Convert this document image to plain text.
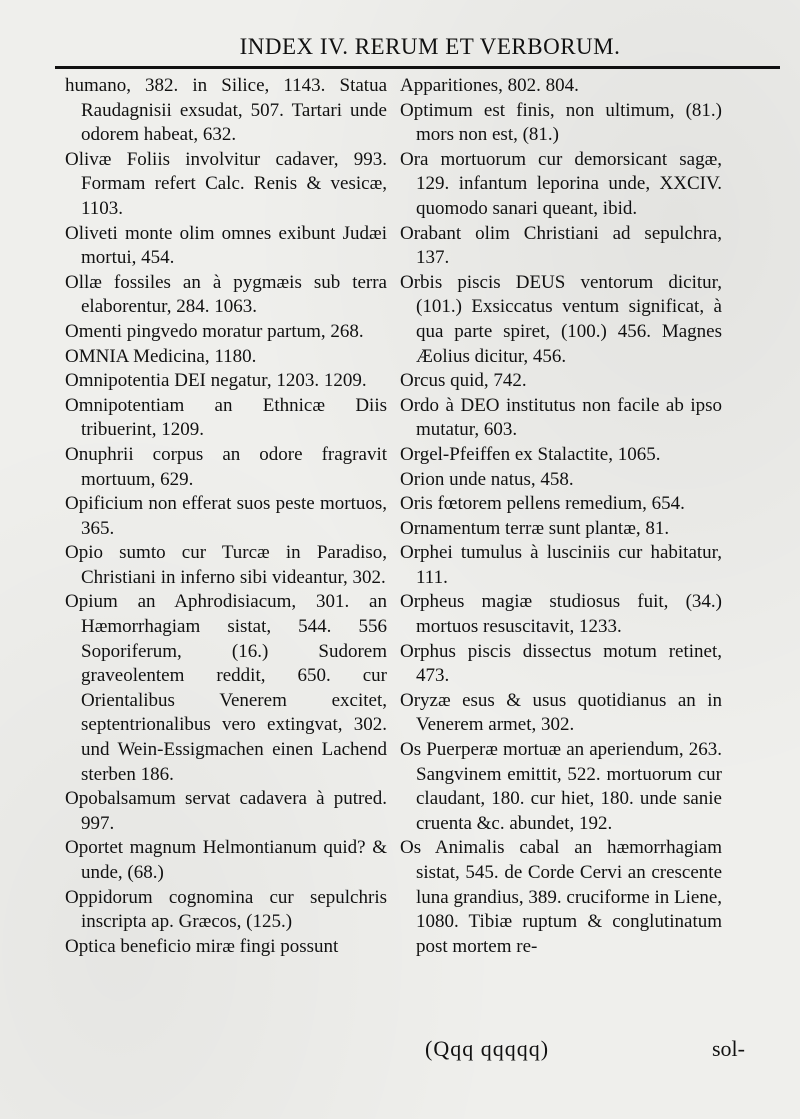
INDEX IV. RERUM ET VERBORUM.

humano, 382. in Silice, 1143. Statua Raudagnisii exsudat, 507. Tartari unde odorem habeat, 632.

Olivæ Foliis involvitur cadaver, 993. Formam refert Calc. Renis & vesicæ, 1103.

Oliveti monte olim omnes exibunt Judæi mortui, 454.

Ollæ fossiles an à pygmæis sub terra elaborentur, 284. 1063.

Omenti pingvedo moratur partum, 268.

OMNIA Medicina, 1180.

Omnipotentia DEI negatur, 1203. 1209.

Omnipotentiam an Ethnicæ Diis tribuerint, 1209.

Onuphrii corpus an odore fragravit mortuum, 629.

Opificium non efferat suos peste mortuos, 365.

Opio sumto cur Turcæ in Paradiso, Christiani in inferno sibi videantur, 302.

Opium an Aphrodisiacum, 301. an Hæmorrhagiam sistat, 544. 556 Soporiferum, (16.) Sudorem graveolentem reddit, 650. cur Orientalibus Venerem excitet, septentrionalibus vero extingvat, 302. und Wein-Essigmachen einen Lachend sterben 186.

Opobalsamum servat cadavera à putred. 997.

Oportet magnum Helmontianum quid? & unde, (68.)

Oppidorum cognomina cur sepulchris inscripta ap. Græcos, (125.)

Optica beneficio miræ fingi possunt

Apparitiones, 802. 804.

Optimum est finis, non ultimum, (81.) mors non est, (81.)

Ora mortuorum cur demorsicant sagæ, 129. infantum leporina unde, XXCIV. quomodo sanari queant, ibid.

Orabant olim Christiani ad sepulchra, 137.

Orbis piscis DEUS ventorum dicitur, (101.) Exsiccatus ventum significat, à qua parte spiret, (100.) 456. Magnes Æolius dicitur, 456.

Orcus quid, 742.

Ordo à DEO institutus non facile ab ipso mutatur, 603.

Orgel-Pfeiffen ex Stalactite, 1065.

Orion unde natus, 458.

Oris fœtorem pellens remedium, 654.

Ornamentum terræ sunt plantæ, 81.

Orphei tumulus à lusciniis cur habitatur, 111.

Orpheus magiæ studiosus fuit, (34.) mortuos resuscitavit, 1233.

Orphus piscis dissectus motum retinet, 473.

Oryzæ esus & usus quotidianus an in Venerem armet, 302.

Os Puerperæ mortuæ an aperiendum, 263. Sangvinem emittit, 522. mortuorum cur claudant, 180. cur hiet, 180. unde sanie cruenta &c. abundet, 192.

Os Animalis cabal an hæmorrhagiam sistat, 545. de Corde Cervi an crescente luna grandius, 389. cruciforme in Liene, 1080. Tibiæ ruptum & conglutinatum post mortem re-

(Qqq qqqqq)	sol-
